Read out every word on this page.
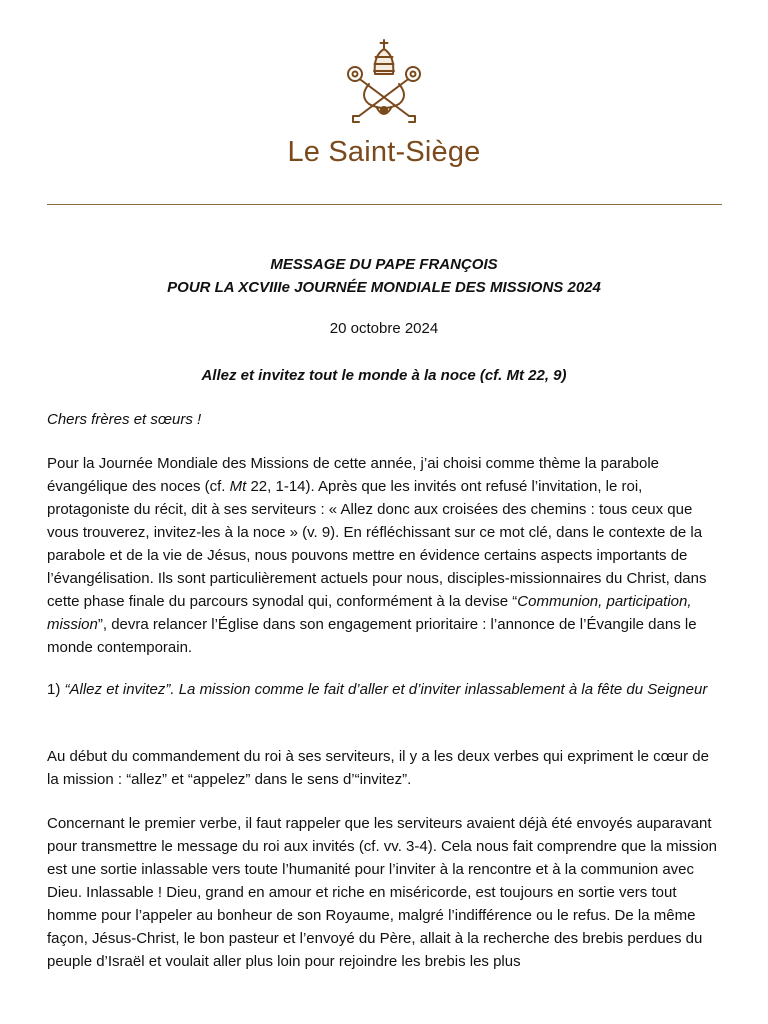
Le Saint-Siège
MESSAGE DU PAPE FRANÇOIS
POUR LA XCVIIIe JOURNÉE MONDIALE DES MISSIONS 2024
20 octobre 2024
Allez et invitez tout le monde à la noce (cf. Mt 22, 9)
Chers frères et sœurs !

Pour la Journée Mondiale des Missions de cette année, j’ai choisi comme thème la parabole évangélique des noces (cf. Mt 22, 1-14). Après que les invités ont refusé l’invitation, le roi, protagoniste du récit, dit à ses serviteurs : « Allez donc aux croisées des chemins : tous ceux que vous trouverez, invitez-les à la noce » (v. 9). En réfléchissant sur ce mot clé, dans le contexte de la parabole et de la vie de Jésus, nous pouvons mettre en évidence certains aspects importants de l’évangélisation. Ils sont particulièrement actuels pour nous, disciples-missionnaires du Christ, dans cette phase finale du parcours synodal qui, conformément à la devise “Communion, participation, mission”, devra relancer l’Église dans son engagement prioritaire : l’annonce de l’Évangile dans le monde contemporain.

1) “Allez et invitez”. La mission comme le fait d’aller et d’inviter inlassablement à la fête du Seigneur

Au début du commandement du roi à ses serviteurs, il y a les deux verbes qui expriment le cœur de la mission : “allez” et “appelez” dans le sens d’“invitez”.

Concernant le premier verbe, il faut rappeler que les serviteurs avaient déjà été envoyés auparavant pour transmettre le message du roi aux invités (cf. vv. 3-4). Cela nous fait comprendre que la mission est une sortie inlassable vers toute l’humanité pour l’inviter à la rencontre et à la communion avec Dieu. Inlassable ! Dieu, grand en amour et riche en miséricorde, est toujours en sortie vers tout homme pour l’appeler au bonheur de son Royaume, malgré l’indifférence ou le refus. De la même façon, Jésus-Christ, le bon pasteur et l’envoyé du Père, allait à la recherche des brebis perdues du peuple d’Israël et voulait aller plus loin pour rejoindre les brebis les plus
